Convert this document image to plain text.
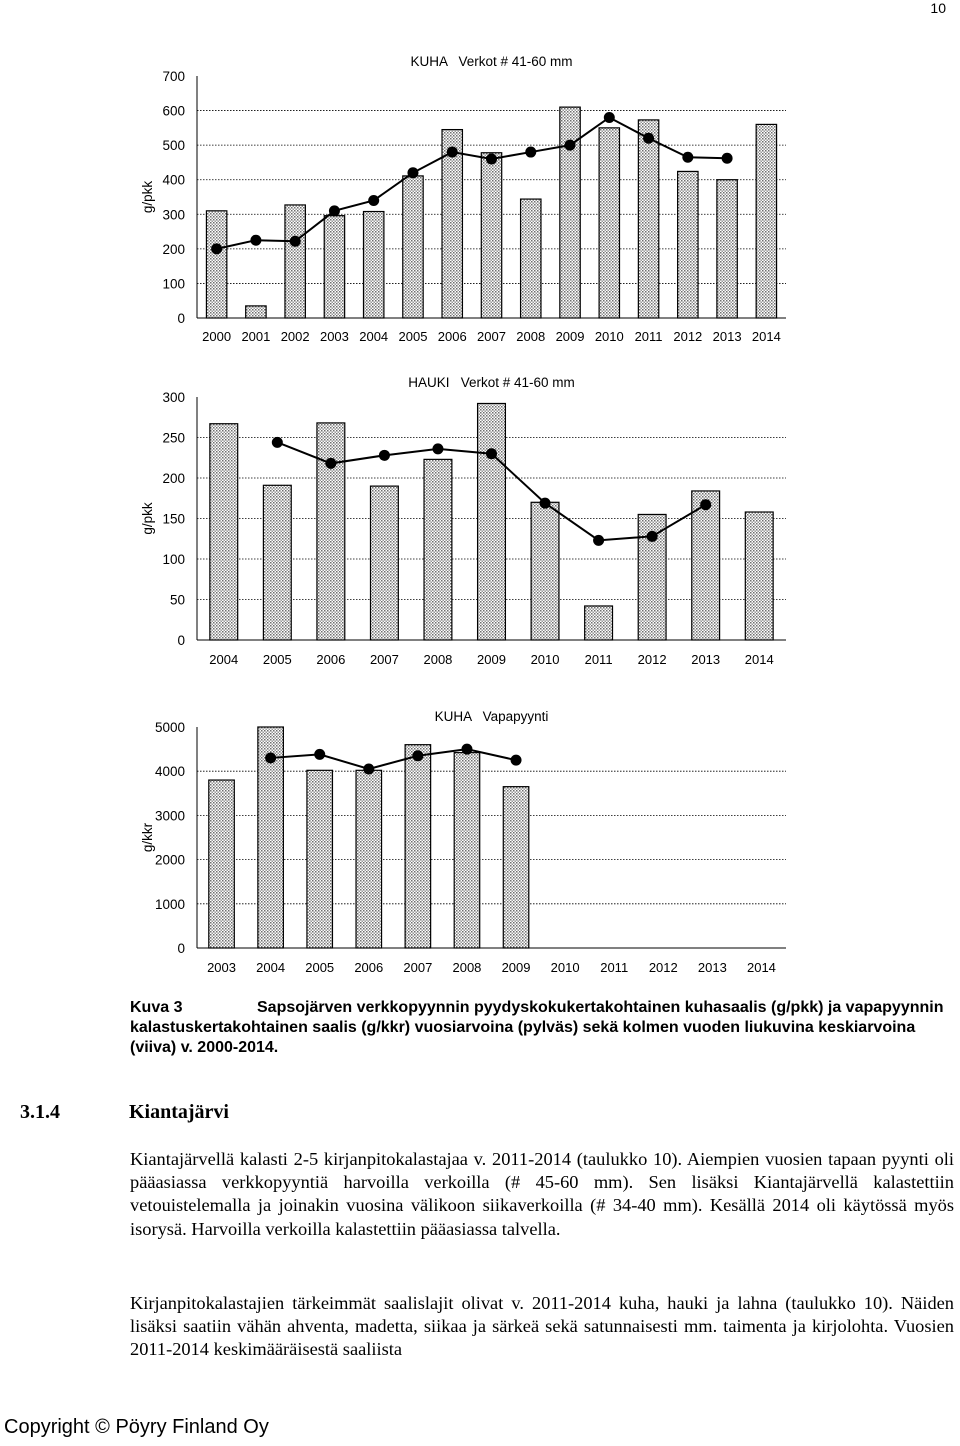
10
0
100
200
300
400
500
600
700
g/pkk
KUHA   Verkot # 41-60 mm
2000 2001 2002 2003 2004 2005 2006 2007 2008 2009 2010 2011 2012 2013 2014
0
50
100
150
200
250
300
g/pkk
HAUKI   Verkot # 41-60 mm
2004 2005 2006 2007 2008 2009 2010 2011 2012 2013 2014
0
1000
2000
3000
4000
5000
g/kkr
KUHA   Vapapyynti
2003 2004 2005 2006 2007 2008 2009 2010 2011 2012 2013 2014
Kuva 3	Sapsojärven verkkopyynnin pyydyskokukertakohtainen kuhasaalis (g/pkk) ja vapapyynnin kalastuskertakohtainen saalis (g/kkr) vuosiarvoina (pylväs) sekä kolmen vuoden liukuvina keskiarvoina (viiva) v. 2000-2014.
3.1.4	Kiantajärvi

Kiantajärvellä kalasti 2-5 kirjanpitokalastajaa v. 2011-2014 (taulukko 10). Aiempien vuosien tapaan pyynti oli pääasiassa verkkopyyntiä harvoilla verkoilla (# 45-60 mm). Sen lisäksi Kiantajärvellä kalastettiin vetouistelemalla ja joinakin vuosina välikoon siikaverkoilla (# 34-40 mm). Kesällä 2014 oli käytössä myös isorysä. Harvoilla verkoilla kalastettiin pääasiassa talvella.

Kirjanpitokalastajien tärkeimmät saalislajit olivat v. 2011-2014 kuha, hauki ja lahna (taulukko 10). Näiden lisäksi saatiin vähän ahventa, madetta, siikaa ja särkeä sekä satunnaisesti mm. taimenta ja kirjolohta. Vuosien 2011-2014 keskimääräisestä saaliista

Copyright © Pöyry Finland Oy
